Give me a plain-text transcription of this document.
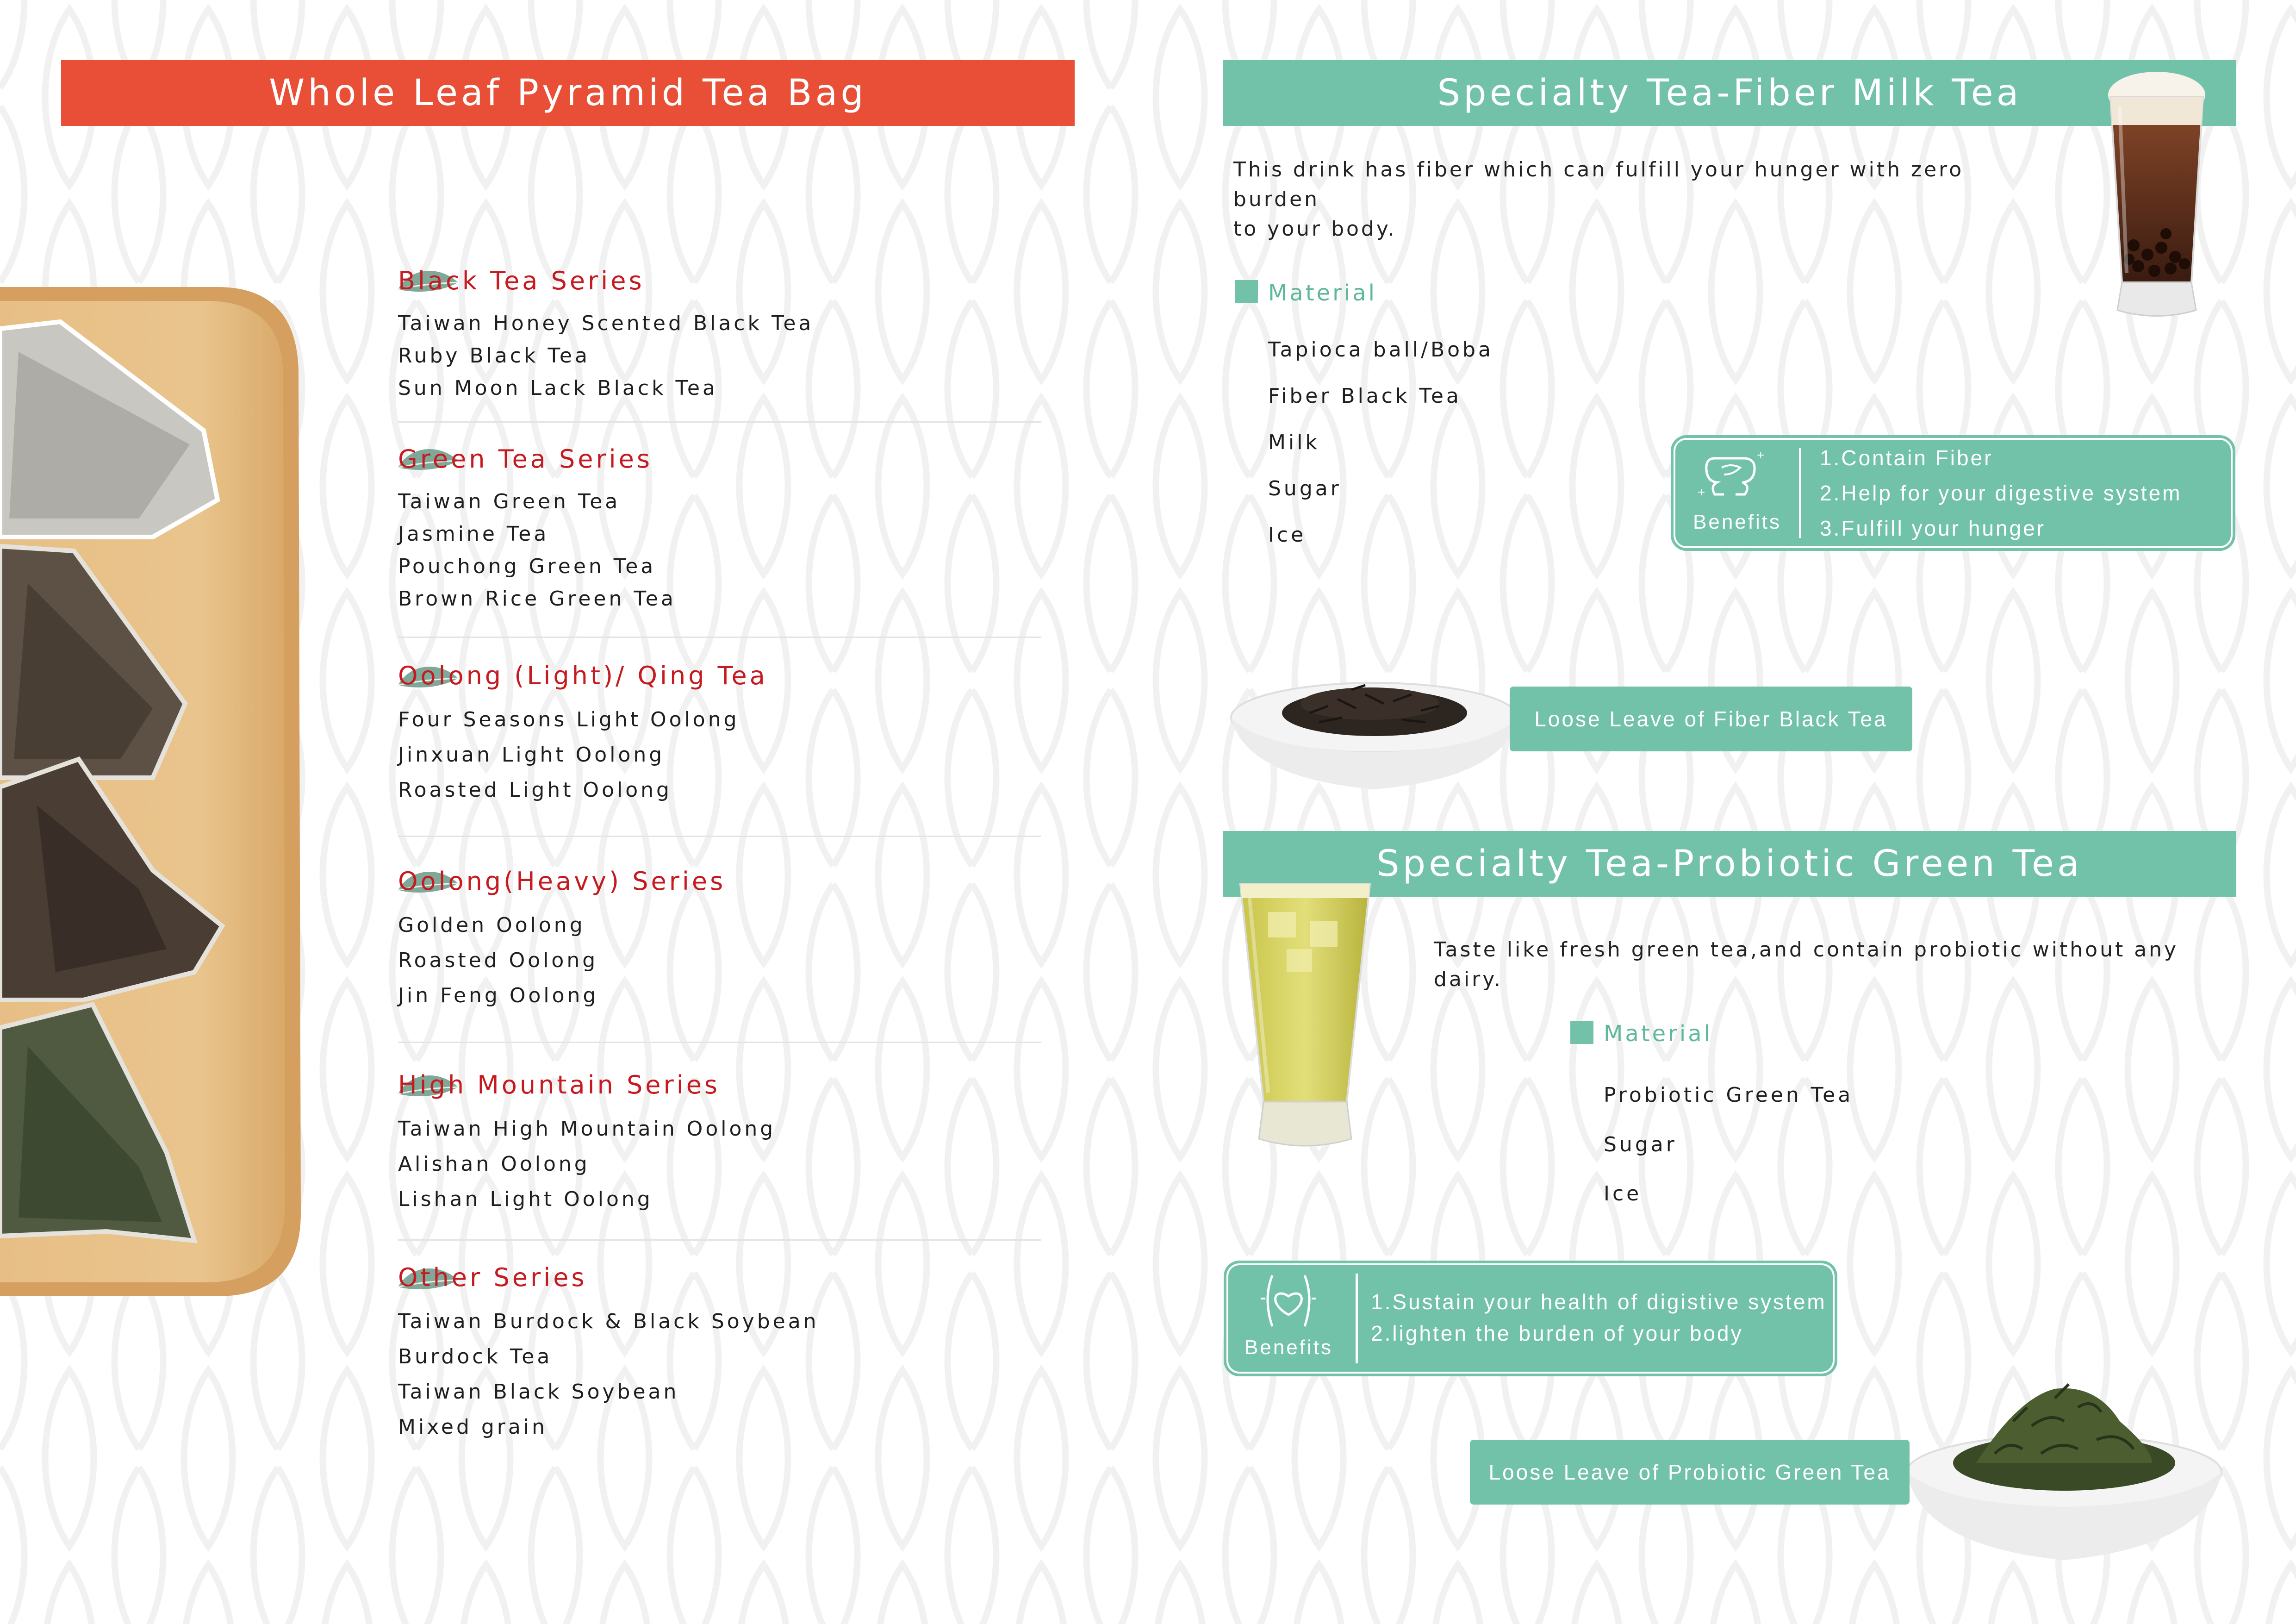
Whole Leaf Pyramid Tea Bag
Black Tea Series
Taiwan Honey Scented Black Tea
Ruby Black Tea
Sun Moon Lack Black Tea
Green Tea Series
Taiwan Green Tea
Jasmine Tea
Pouchong Green Tea
Brown Rice Green Tea
Oolong (Light)/ Qing Tea
Four Seasons Light Oolong
Jinxuan Light Oolong
Roasted Light Oolong
Oolong(Heavy) Series
Golden Oolong
Roasted Oolong
Jin Feng Oolong
High Mountain Series
Taiwan High Mountain Oolong
Alishan Oolong
Lishan Light Oolong
Other Series
Taiwan Burdock & Black Soybean
Burdock Tea
Taiwan Black Soybean
Mixed grain
Specialty Tea-Fiber Milk Tea
This drink has fiber which can fulfill your hunger with zero burden
to your body.
Material
Tapioca ball/Boba
Fiber Black Tea
Milk
Sugar
Ice
+
+
Benefits
1.Contain Fiber
2.Help for your digestive system
3.Fulfill your hunger
Loose Leave of Fiber Black Tea
Specialty Tea-Probiotic Green Tea
Taste like fresh green tea,and contain probiotic without any dairy.
Material
Probiotic Green Tea
Sugar
Ice
Benefits
1.Sustain your health of digistive system
2.lighten the burden of your body
Loose Leave of Probiotic Green Tea
